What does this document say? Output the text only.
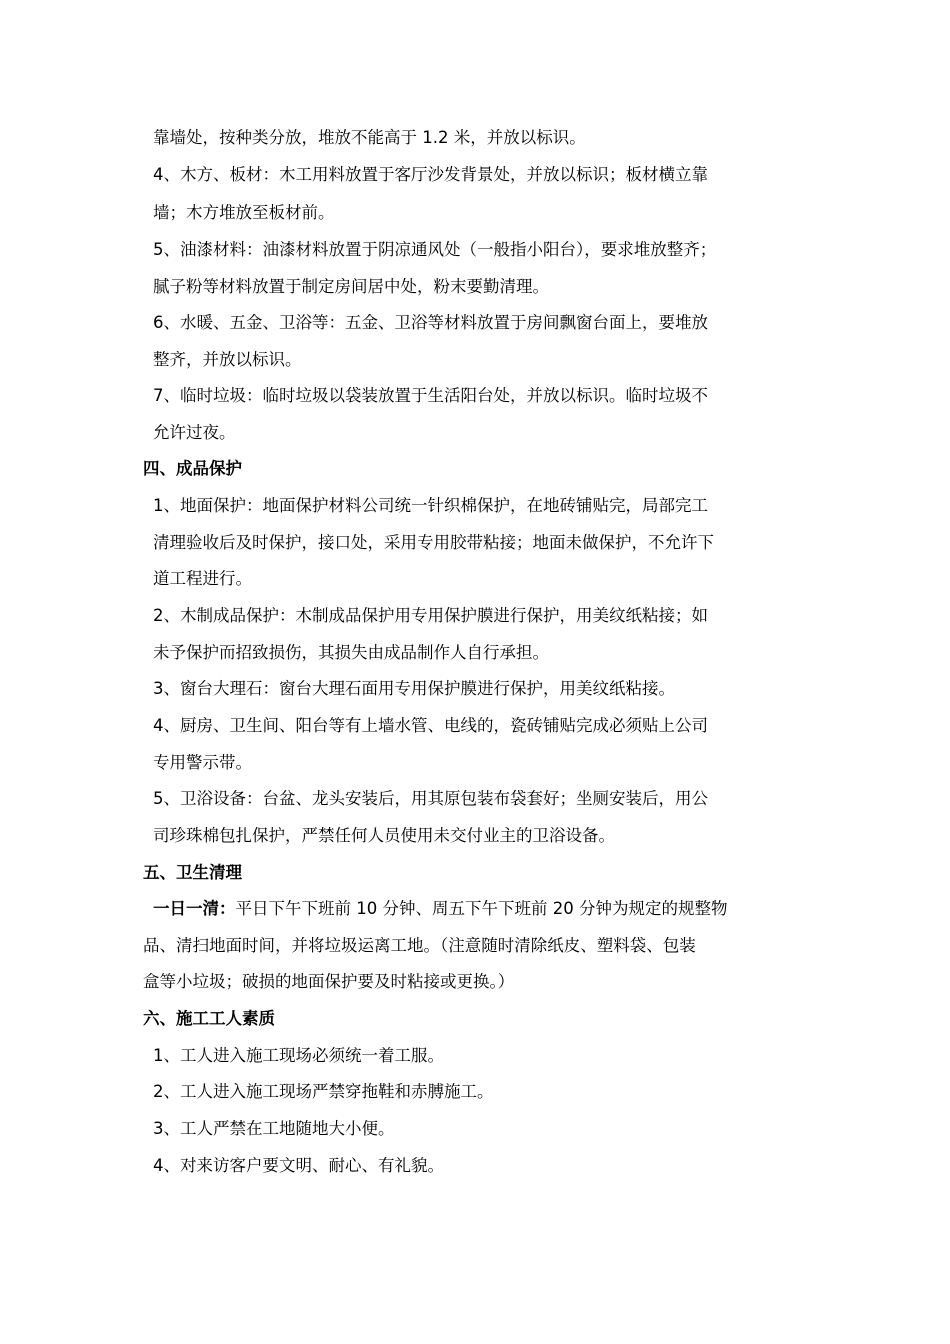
靠墙处，按种类分放，堆放不能高于 1.2 米，并放以标识。
4、木方、板材：木工用料放置于客厅沙发背景处，并放以标识；板材横立靠
墙；木方堆放至板材前。
5、油漆材料：油漆材料放置于阴凉通风处（一般指小阳台），要求堆放整齐；
腻子粉等材料放置于制定房间居中处，粉末要勤清理。
6、水暖、五金、卫浴等：五金、卫浴等材料放置于房间飘窗台面上，要堆放
整齐，并放以标识。
7、临时垃圾：临时垃圾以袋装放置于生活阳台处，并放以标识。临时垃圾不
允许过夜。
四、成品保护
1、地面保护：地面保护材料公司统一针织棉保护，在地砖铺贴完，局部完工
清理验收后及时保护，接口处，采用专用胶带粘接；地面未做保护，不允许下
道工程进行。
2、木制成品保护：木制成品保护用专用保护膜进行保护，用美纹纸粘接；如
未予保护而招致损伤，其损失由成品制作人自行承担。
3、窗台大理石：窗台大理石面用专用保护膜进行保护，用美纹纸粘接。
4、厨房、卫生间、阳台等有上墙水管、电线的，瓷砖铺贴完成必须贴上公司
专用警示带。
5、卫浴设备：台盆、龙头安装后，用其原包装布袋套好；坐厕安装后，用公
司珍珠棉包扎保护，严禁任何人员使用未交付业主的卫浴设备。
五、卫生清理
一日一清：平日下午下班前 10 分钟、周五下午下班前 20 分钟为规定的规整物
品、清扫地面时间，并将垃圾运离工地。（注意随时清除纸皮、塑料袋、包装
盒等小垃圾；破损的地面保护要及时粘接或更换。）
六、施工工人素质
1、工人进入施工现场必须统一着工服。
2、工人进入施工现场严禁穿拖鞋和赤膊施工。
3、工人严禁在工地随地大小便。
4、对来访客户要文明、耐心、有礼貌。
